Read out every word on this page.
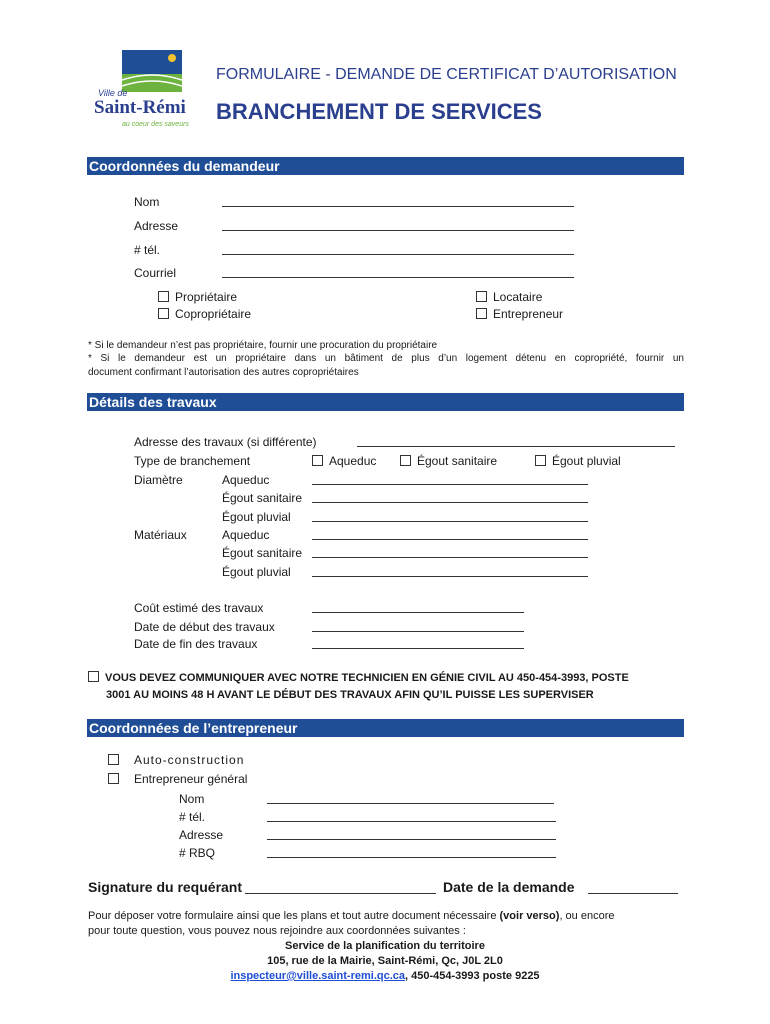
Ville de
Saint-Rémi
au coeur des saveurs
FORMULAIRE - DEMANDE DE CERTIFICAT D’AUTORISATION
BRANCHEMENT DE SERVICES
Coordonnées du demandeur
Nom
Adresse
# tél.
Courriel
Propriétaire
Copropriétaire
Locataire
Entrepreneur
* Si le demandeur n’est pas propriétaire, fournir une procuration du propriétaire
* Si le demandeur est un propriétaire dans un bâtiment de plus d’un logement détenu en copropriété, fournir un
document confirmant l’autorisation des autres copropriétaires
Détails des travaux
Adresse des travaux (si différente)
Type de branchement	Aqueduc	Égout sanitaire	Égout pluvial
Diamètre	Aqueduc
Égout sanitaire
Égout pluvial
Matériaux	Aqueduc
Égout sanitaire
Égout pluvial
Coût estimé des travaux
Date de début des travaux
Date de fin des travaux
VOUS DEVEZ COMMUNIQUER AVEC NOTRE TECHNICIEN EN GÉNIE CIVIL AU 450-454-3993, POSTE
3001 AU MOINS 48 H AVANT LE DÉBUT DES TRAVAUX AFIN QU’IL PUISSE LES SUPERVISER
Coordonnées de l’entrepreneur
Auto-construction
Entrepreneur général
Nom
# tél.
Adresse
# RBQ
Signature du requérant	Date de la demande
Pour déposer votre formulaire ainsi que les plans et tout autre document nécessaire (voir verso), ou encore
pour toute question, vous pouvez nous rejoindre aux coordonnées suivantes :
Service de la planification du territoire
105, rue de la Mairie, Saint-Rémi, Qc, J0L 2L0
inspecteur@ville.saint-remi.qc.ca, 450-454-3993 poste 9225
